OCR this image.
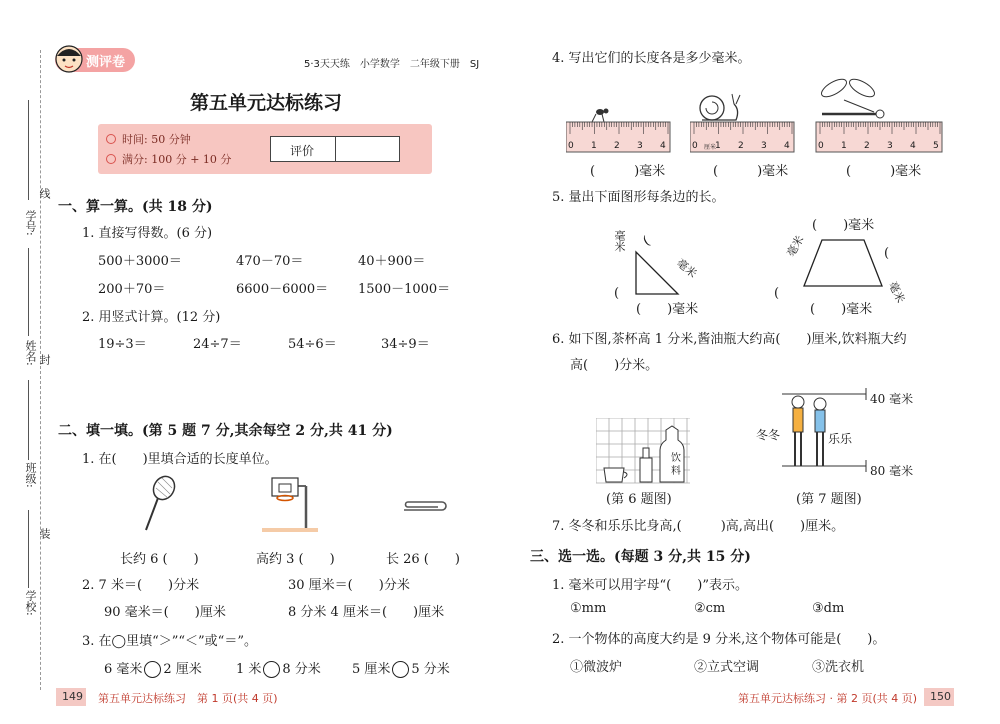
学号:
线
姓名: 封
班级:
装
学校:
测评卷	5·3天天练　小学数学　二年级下册　SJ
第五单元达标练习
时间: 50 分钟
满分: 100 分 + 10 分
评价
一、算一算。(共 18 分)
1. 直接写得数。(6 分)
500＋3000＝	470－70＝	40＋900＝
200＋70＝	6600－6000＝ 1500－1000＝
2. 用竖式计算。(12 分)
19÷3＝	24÷7＝	54÷6＝	34÷9＝
二、填一填。(第 5 题 7 分,其余每空 2 分,共 41 分)
1. 在(　　)里填合适的长度单位。
长约 6 (　　)	高约 3 (　　)	长 26 (　　)
2. 7 米＝(　　)分米	30 厘米＝(　　)分米
90 毫米＝(　　)厘米	8 分米 4 厘米＝(　　)厘米
3. 在◯里填“＞”“＜”或“＝”。
6 毫米 2 厘米	1 米 8 分米 5 厘米 5 分米
149 第五单元达标练习　第 1 页(共 4 页)
4. 写出它们的长度各是多少毫米。
0 1 2 3 4	0 1 2 3 4
厘米	0 1 2 3 4 5
(　　　)毫米	(　　　)毫米	(　　　)毫米
5. 量出下面图形每条边的长。
毫米
(
(
毫米
(　　)毫米
(　　)毫米
毫米
(
(
毫米
(　　)毫米
6. 如下图,茶杯高 1 分米,酱油瓶大约高(　　)厘米,饮料瓶大约
高(　　)分米。
饮
料
(第 6 题图)
40 毫米
80 毫米
冬冬	乐乐
(第 7 题图)
7. 冬冬和乐乐比身高,(　　　)高,高出(　　)厘米。
三、选一选。(每题 3 分,共 15 分)
1. 毫米可以用字母“(　　)”表示。
①mm	②cm	③dm
2. 一个物体的高度大约是 9 分米,这个物体可能是(　　)。
①微波炉	②立式空调	③洗衣机
第五单元达标练习 · 第 2 页(共 4 页) 150
